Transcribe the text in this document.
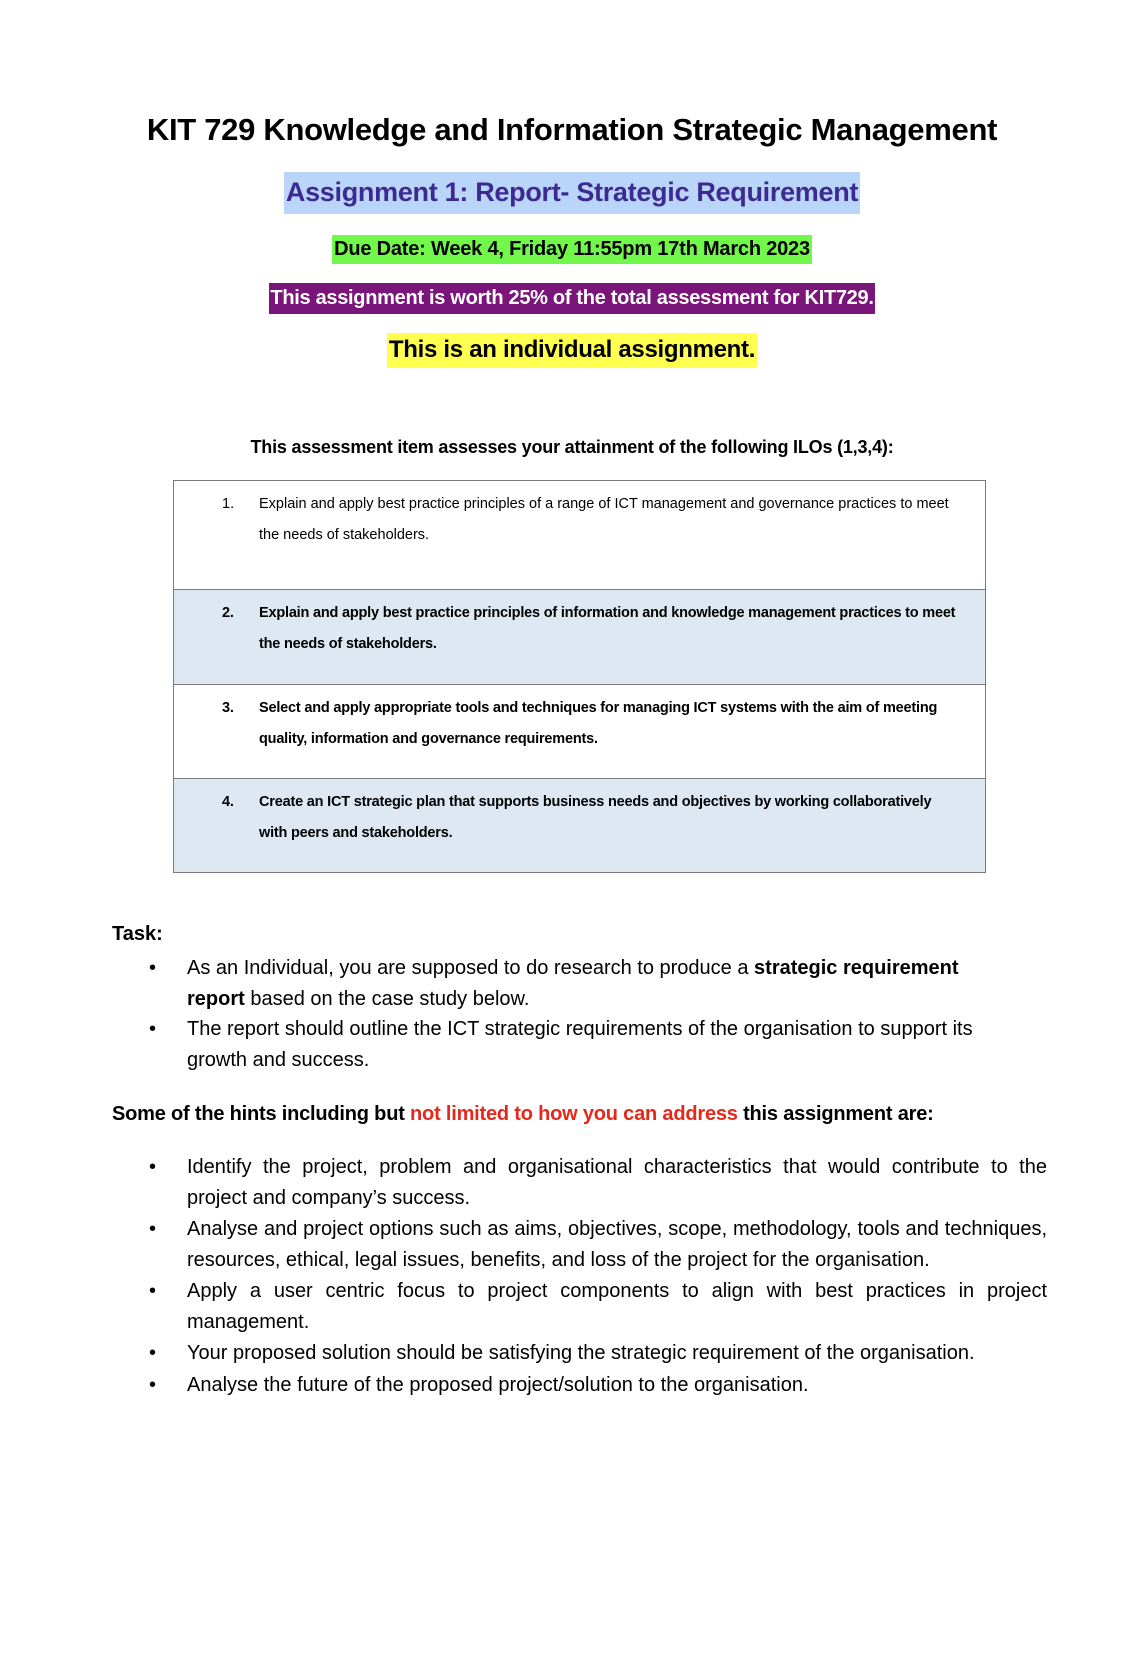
KIT 729 Knowledge and Information Strategic Management
Assignment 1: Report- Strategic Requirement
Due Date: Week 4, Friday 11:55pm 17th March 2023
This assignment is worth 25% of the total assessment for KIT729.
This is an individual assignment.
This assessment item assesses your attainment of the following ILOs (1,3,4):
1. Explain and apply best practice principles of a range of ICT management and governance practices to meet the needs of stakeholders.
2. Explain and apply best practice principles of information and knowledge management practices to meet the needs of stakeholders.
3. Select and apply appropriate tools and techniques for managing ICT systems with the aim of meeting quality, information and governance requirements.
4. Create an ICT strategic plan that supports business needs and objectives by working collaboratively with peers and stakeholders.
Task:
• As an Individual, you are supposed to do research to produce a strategic requirement report based on the case study below.
• The report should outline the ICT strategic requirements of the organisation to support its growth and success.
Some of the hints including but not limited to how you can address this assignment are:
• Identify the project, problem and organisational characteristics that would contribute to the project and company’s success.
• Analyse and project options such as aims, objectives, scope, methodology, tools and techniques, resources, ethical, legal issues, benefits, and loss of the project for the organisation.
• Apply a user centric focus to project components to align with best practices in project management.
• Your proposed solution should be satisfying the strategic requirement of the organisation.
• Analyse the future of the proposed project/solution to the organisation.
